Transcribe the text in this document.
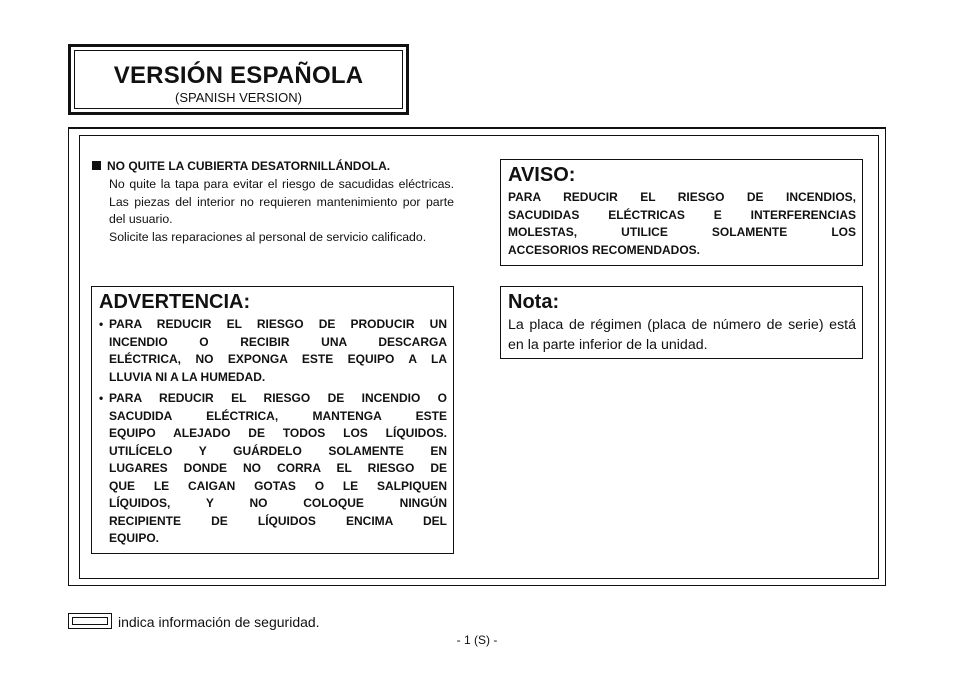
VERSIÓN ESPAÑOLA
(SPANISH VERSION)
NO QUITE LA CUBIERTA DESATORNILLÁNDOLA.

No quite la tapa para evitar el riesgo de sacudidas eléctricas. Las piezas del interior no requieren mantenimiento por parte del usuario.

Solicite las reparaciones al personal de servicio calificado.

AVISO:
PARA REDUCIR EL RIESGO DE INCENDIOS,
SACUDIDAS ELÉCTRICAS E INTERFERENCIAS
MOLESTAS, UTILICE SOLAMENTE LOS
ACCESORIOS RECOMENDADOS.
ADVERTENCIA:
• PARA REDUCIR EL RIESGO DE PRODUCIR UN
INCENDIO O RECIBIR UNA DESCARGA
ELÉCTRICA, NO EXPONGA ESTE EQUIPO A LA
LLUVIA NI A LA HUMEDAD.
• PARA REDUCIR EL RIESGO DE INCENDIO O
SACUDIDA ELÉCTRICA, MANTENGA ESTE
EQUIPO ALEJADO DE TODOS LOS LÍQUIDOS.
UTILÍCELO Y GUÁRDELO SOLAMENTE EN
LUGARES DONDE NO CORRA EL RIESGO DE
QUE LE CAIGAN GOTAS O LE SALPIQUEN
LÍQUIDOS, Y NO COLOQUE NINGÚN
RECIPIENTE DE LÍQUIDOS ENCIMA DEL
EQUIPO.
Nota:
La placa de régimen (placa de número de serie) está en la parte inferior de la unidad.
indica información de seguridad.
- 1 (S) -
